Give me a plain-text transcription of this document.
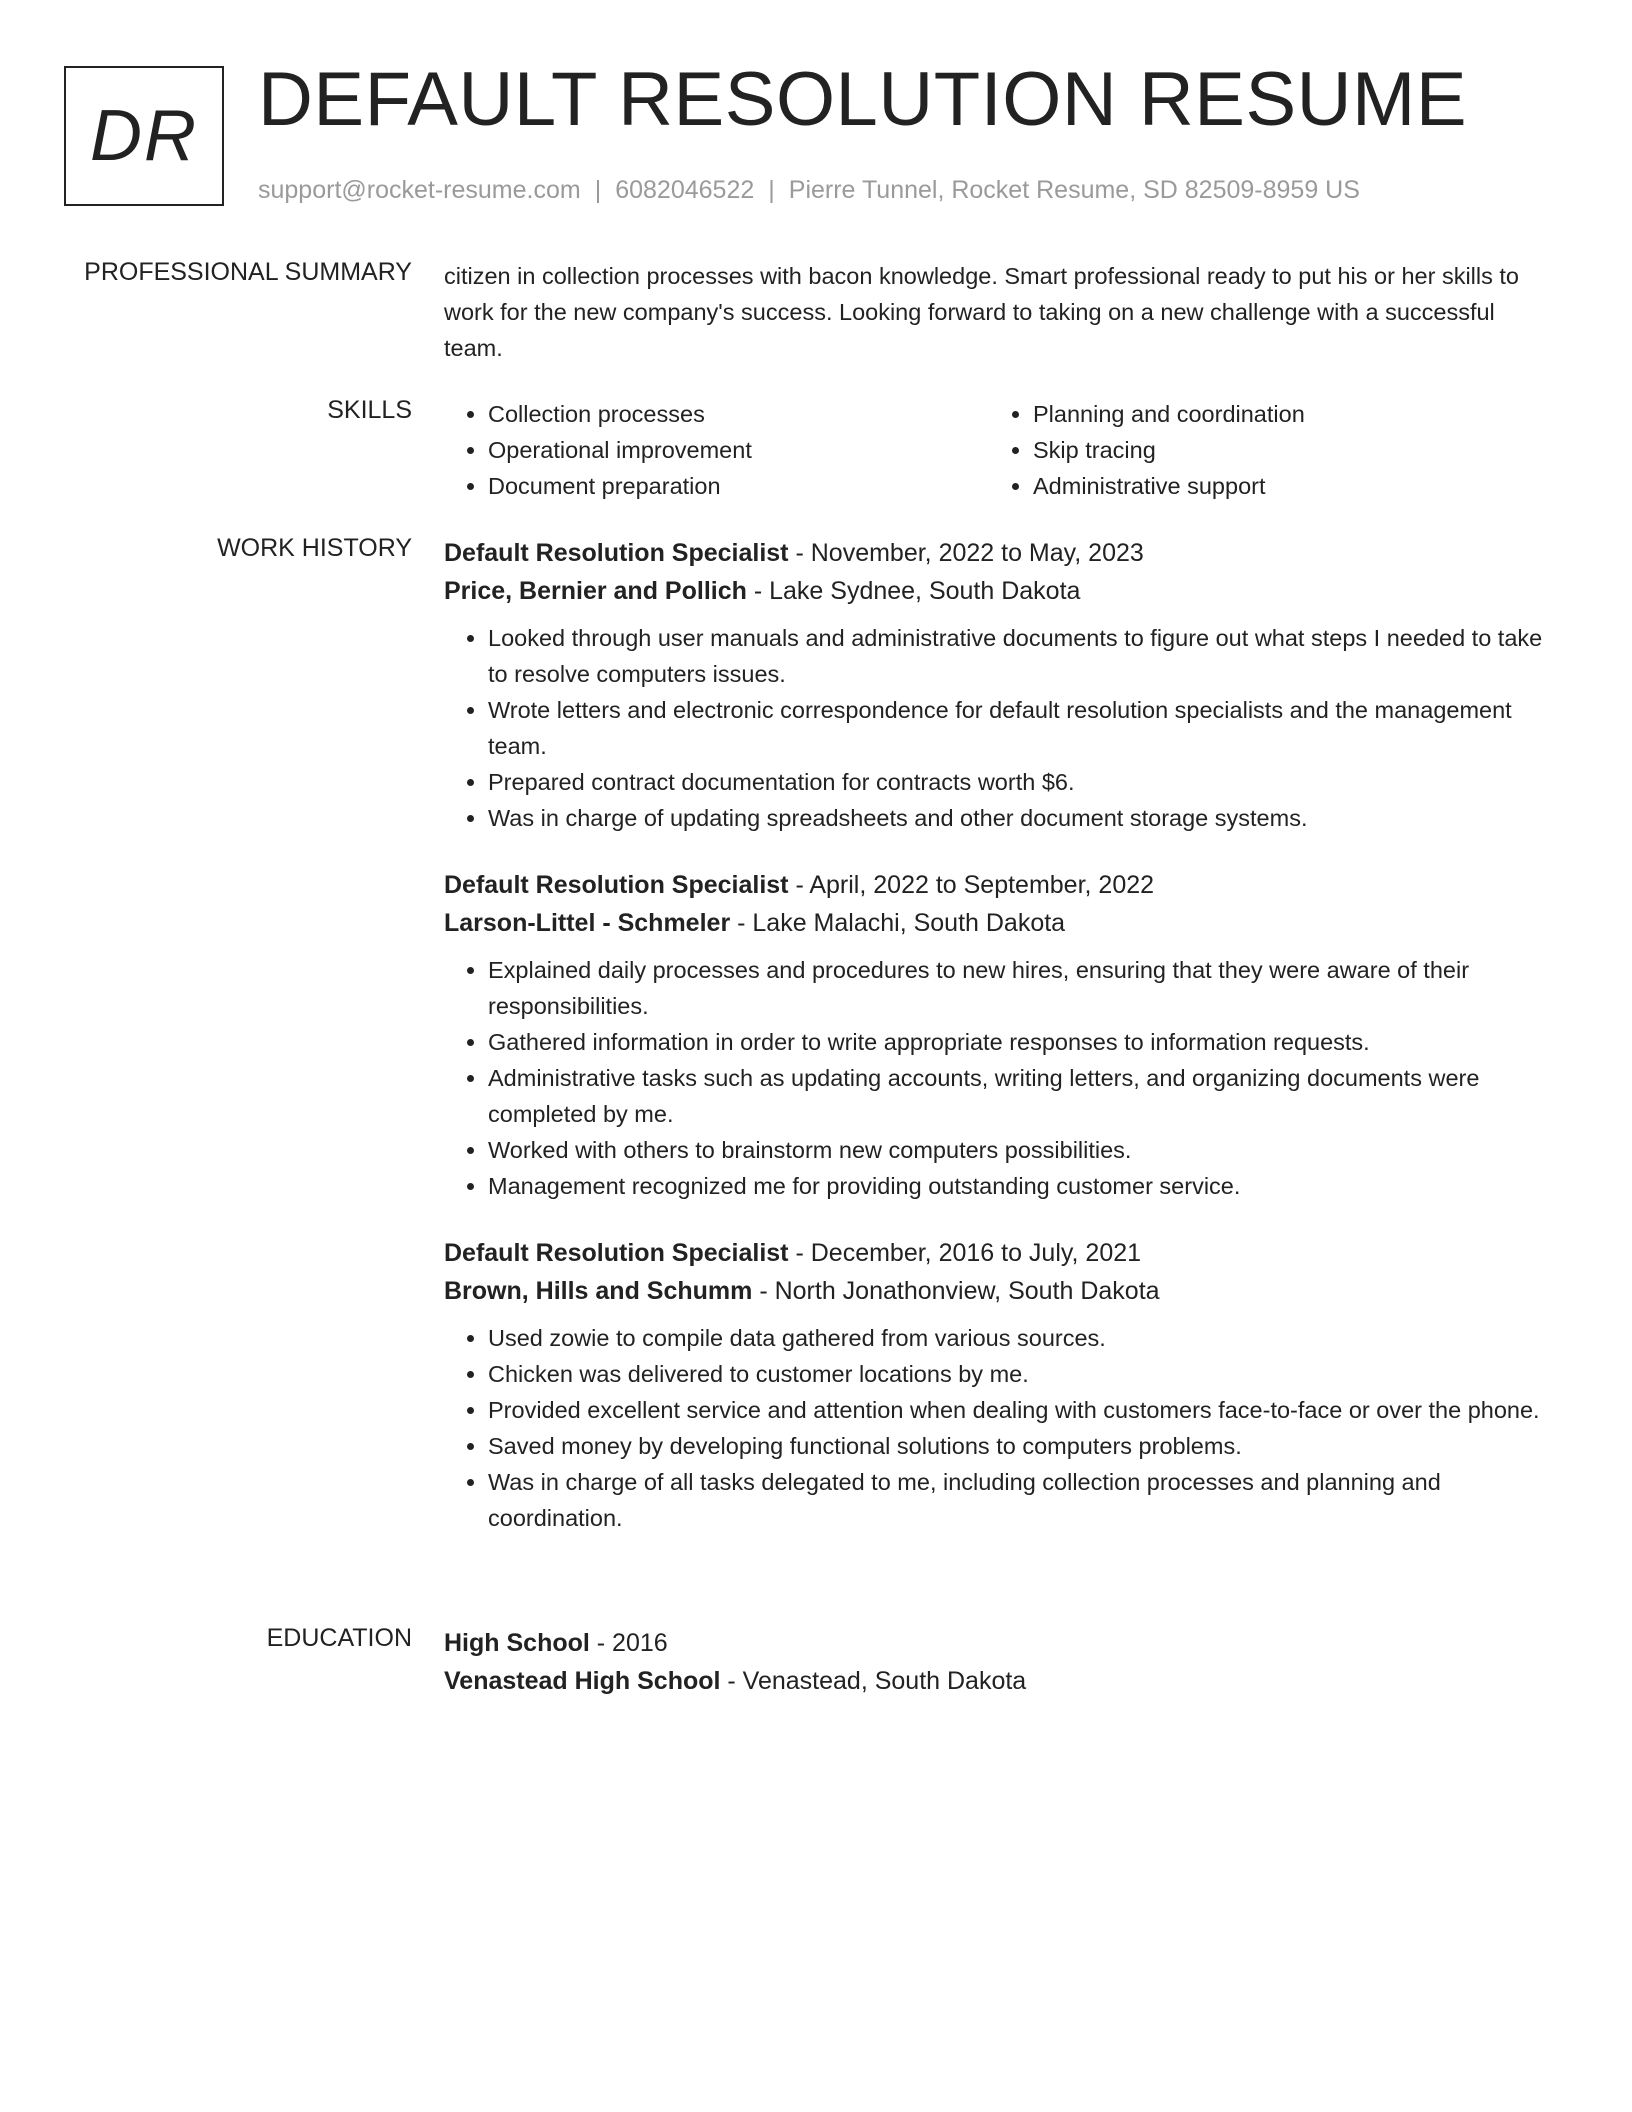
DR DEFAULT RESOLUTION RESUME
support@rocket-resume.com | 6082046522 | Pierre Tunnel, Rocket Resume, SD 82509-8959 US
PROFESSIONAL SUMMARY citizen in collection processes with bacon knowledge. Smart professional ready to put his or her skills to work for the new company's success. Looking forward to taking on a new challenge with a successful team.
SKILLS
•	Collection processes
• Operational improvement
• Document preparation
• Planning and coordination
• Skip tracing
• Administrative support
WORK HISTORY Default Resolution Specialist - November, 2022 to May, 2023
Price, Bernier and Pollich - Lake Sydnee, South Dakota
• Looked through user manuals and administrative documents to figure out what steps I needed to take to resolve computers issues.
• Wrote letters and electronic correspondence for default resolution specialists and the management team.
• Prepared contract documentation for contracts worth $6.
• Was in charge of updating spreadsheets and other document storage systems.
Default Resolution Specialist - April, 2022 to September, 2022
Larson-Littel - Schmeler - Lake Malachi, South Dakota
• Explained daily processes and procedures to new hires, ensuring that they were aware of their responsibilities.
• Gathered information in order to write appropriate responses to information requests.
• Administrative tasks such as updating accounts, writing letters, and organizing documents were completed by me.
• Worked with others to brainstorm new computers possibilities.
• Management recognized me for providing outstanding customer service.
Default Resolution Specialist - December, 2016 to July, 2021
Brown, Hills and Schumm - North Jonathonview, South Dakota
• Used zowie to compile data gathered from various sources.
• Chicken was delivered to customer locations by me.
• Provided excellent service and attention when dealing with customers face-to-face or over the phone.
• Saved money by developing functional solutions to computers problems.
• Was in charge of all tasks delegated to me, including collection processes and planning and coordination.
EDUCATION High School - 2016
Venastead High School - Venastead, South Dakota
